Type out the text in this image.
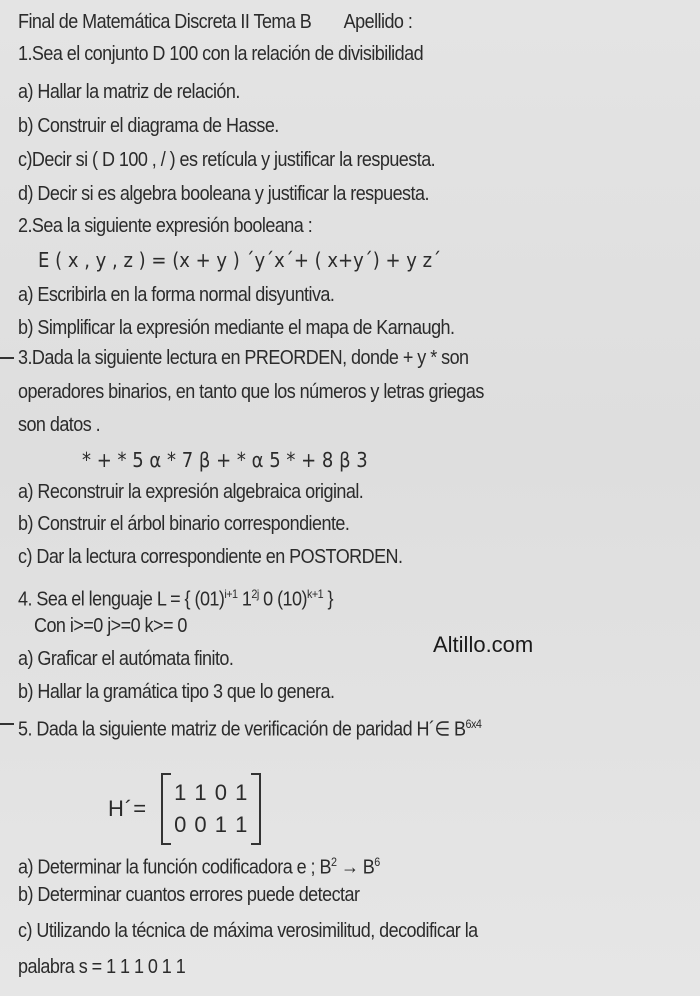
Final de Matemática Discreta II Tema B Apellido :
1.Sea el conjunto D 100 con la relación de divisibilidad
a) Hallar la matriz de relación.
b) Construir el diagrama de Hasse.
c)Decir si ( D 100 , / ) es retícula y justificar la respuesta.
d) Decir si es algebra booleana y justificar la respuesta.
2.Sea la siguiente expresión booleana :
E ( x , y , z ) = (x + y ) ´y´x´+ ( x+y´) + y z´
a) Escribirla en la forma normal disyuntiva.
b) Simplificar la expresión mediante el mapa de Karnaugh.
3.Dada la siguiente lectura en PREORDEN, donde + y * son
operadores binarios, en tanto que los números y letras griegas
son datos .
* + * 5 α * 7 β + * α 5 * + 8 β 3
a) Reconstruir la expresión algebraica original.
b) Construir el árbol binario correspondiente.
c) Dar la lectura correspondiente en POSTORDEN.
4. Sea el lenguaje L = { $(01)^{i+1}$ $1^{2j}$ 0 $(10)^{k+1}$ }
Con i>=0 j>=0 k>= 0
Altillo.com
a) Graficar el autómata finito.
b) Hallar la gramática tipo 3 que lo genera.
5. Dada la siguiente matriz de verificación de paridad H´∈ $B^{6x4}$
H´=
1 1 0 1
0 0 1 1
a) Determinar la función codificadora e ; $B^2 \to B^6$
b) Determinar cuantos errores puede detectar
c) Utilizando la técnica de máxima verosimilitud, decodificar la
palabra s = 1 1 1 0 1 1
